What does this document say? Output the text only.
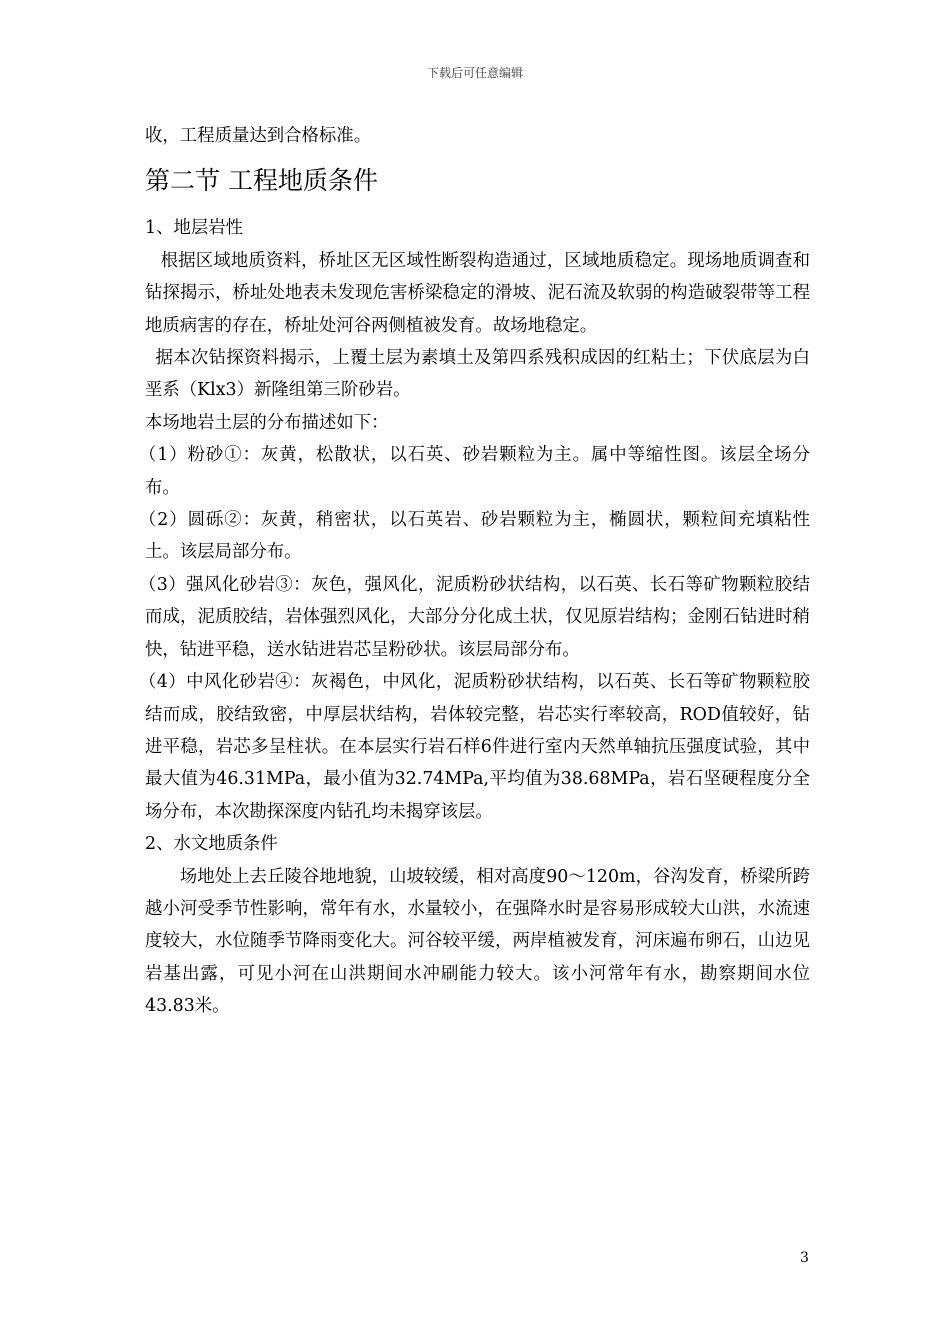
下载后可任意编辑

收，工程质量达到合格标准。

第二节 工程地质条件

1、地层岩性

根据区域地质资料，桥址区无区域性断裂构造通过，区域地质稳定。现场地质调查和钻探揭示，桥址处地表未发现危害桥梁稳定的滑坡、泥石流及软弱的构造破裂带等工程地质病害的存在，桥址处河谷两侧植被发育。故场地稳定。

据本次钻探资料揭示，上覆土层为素填土及第四系残积成因的红粘土；下伏底层为白垩系（Klx3）新隆组第三阶砂岩。

本场地岩土层的分布描述如下：

（1）粉砂①：灰黄，松散状，以石英、砂岩颗粒为主。属中等缩性图。该层全场分布。

（2）圆砾②：灰黄，稍密状，以石英岩、砂岩颗粒为主，椭圆状，颗粒间充填粘性土。该层局部分布。

（3）强风化砂岩③：灰色，强风化，泥质粉砂状结构，以石英、长石等矿物颗粒胶结而成，泥质胶结，岩体强烈风化，大部分分化成土状，仅见原岩结构；金刚石钻进时稍快，钻进平稳，送水钻进岩芯呈粉砂状。该层局部分布。

（4）中风化砂岩④：灰褐色，中风化，泥质粉砂状结构，以石英、长石等矿物颗粒胶结而成，胶结致密，中厚层状结构，岩体较完整，岩芯实行率较高，ROD值较好，钻进平稳，岩芯多呈柱状。在本层实行岩石样6件进行室内天然单轴抗压强度试验，其中最大值为46.31MPa，最小值为32.74MPa,平均值为38.68MPa，岩石坚硬程度分全场分布，本次勘探深度内钻孔均未揭穿该层。

2、水文地质条件

场地处上去丘陵谷地地貌，山坡较缓，相对高度90～120m，谷沟发育，桥梁所跨越小河受季节性影响，常年有水，水量较小，在强降水时是容易形成较大山洪，水流速度较大，水位随季节降雨变化大。河谷较平缓，两岸植被发育，河床遍布卵石，山边见岩基出露，可见小河在山洪期间水冲刷能力较大。该小河常年有水，勘察期间水位43.83米。

3
